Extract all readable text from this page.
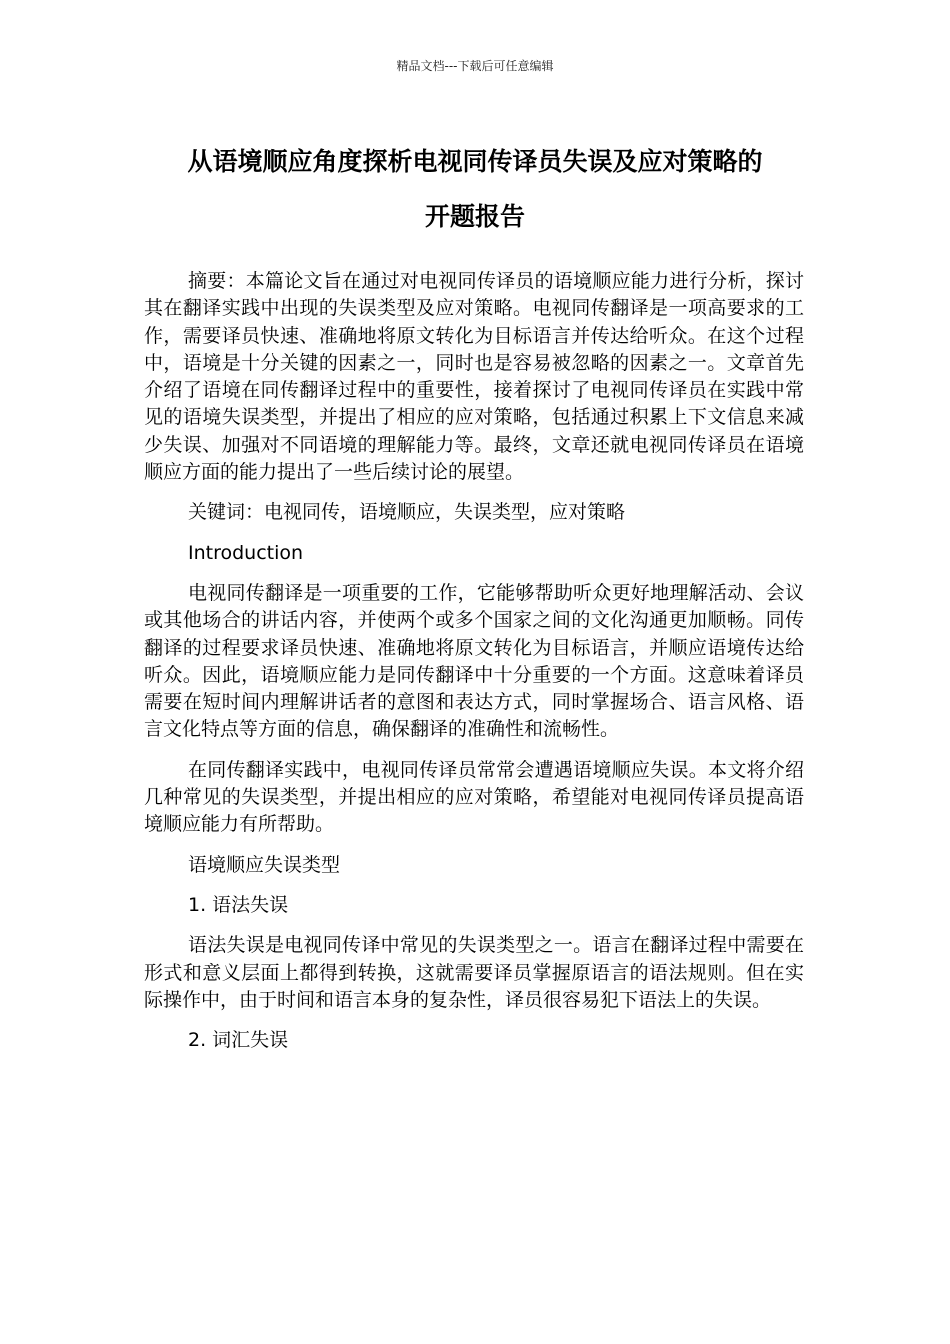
精品文档---下载后可任意编辑
从语境顺应角度探析电视同传译员失误及应对策略的
开题报告

摘要：本篇论文旨在通过对电视同传译员的语境顺应能力进行分析，探讨其在翻译实践中出现的失误类型及应对策略。电视同传翻译是一项高要求的工作，需要译员快速、准确地将原文转化为目标语言并传达给听众。在这个过程中，语境是十分关键的因素之一，同时也是容易被忽略的因素之一。文章首先介绍了语境在同传翻译过程中的重要性，接着探讨了电视同传译员在实践中常见的语境失误类型，并提出了相应的应对策略，包括通过积累上下文信息来减少失误、加强对不同语境的理解能力等。最终，文章还就电视同传译员在语境顺应方面的能力提出了一些后续讨论的展望。

关键词：电视同传，语境顺应，失误类型，应对策略

Introduction

电视同传翻译是一项重要的工作，它能够帮助听众更好地理解活动、会议或其他场合的讲话内容，并使两个或多个国家之间的文化沟通更加顺畅。同传翻译的过程要求译员快速、准确地将原文转化为目标语言，并顺应语境传达给听众。因此，语境顺应能力是同传翻译中十分重要的一个方面。这意味着译员需要在短时间内理解讲话者的意图和表达方式，同时掌握场合、语言风格、语言文化特点等方面的信息，确保翻译的准确性和流畅性。

在同传翻译实践中，电视同传译员常常会遭遇语境顺应失误。本文将介绍几种常见的失误类型，并提出相应的应对策略，希望能对电视同传译员提高语境顺应能力有所帮助。

语境顺应失误类型

1. 语法失误

语法失误是电视同传译中常见的失误类型之一。语言在翻译过程中需要在形式和意义层面上都得到转换，这就需要译员掌握原语言的语法规则。但在实际操作中，由于时间和语言本身的复杂性，译员很容易犯下语法上的失误。

2. 词汇失误
